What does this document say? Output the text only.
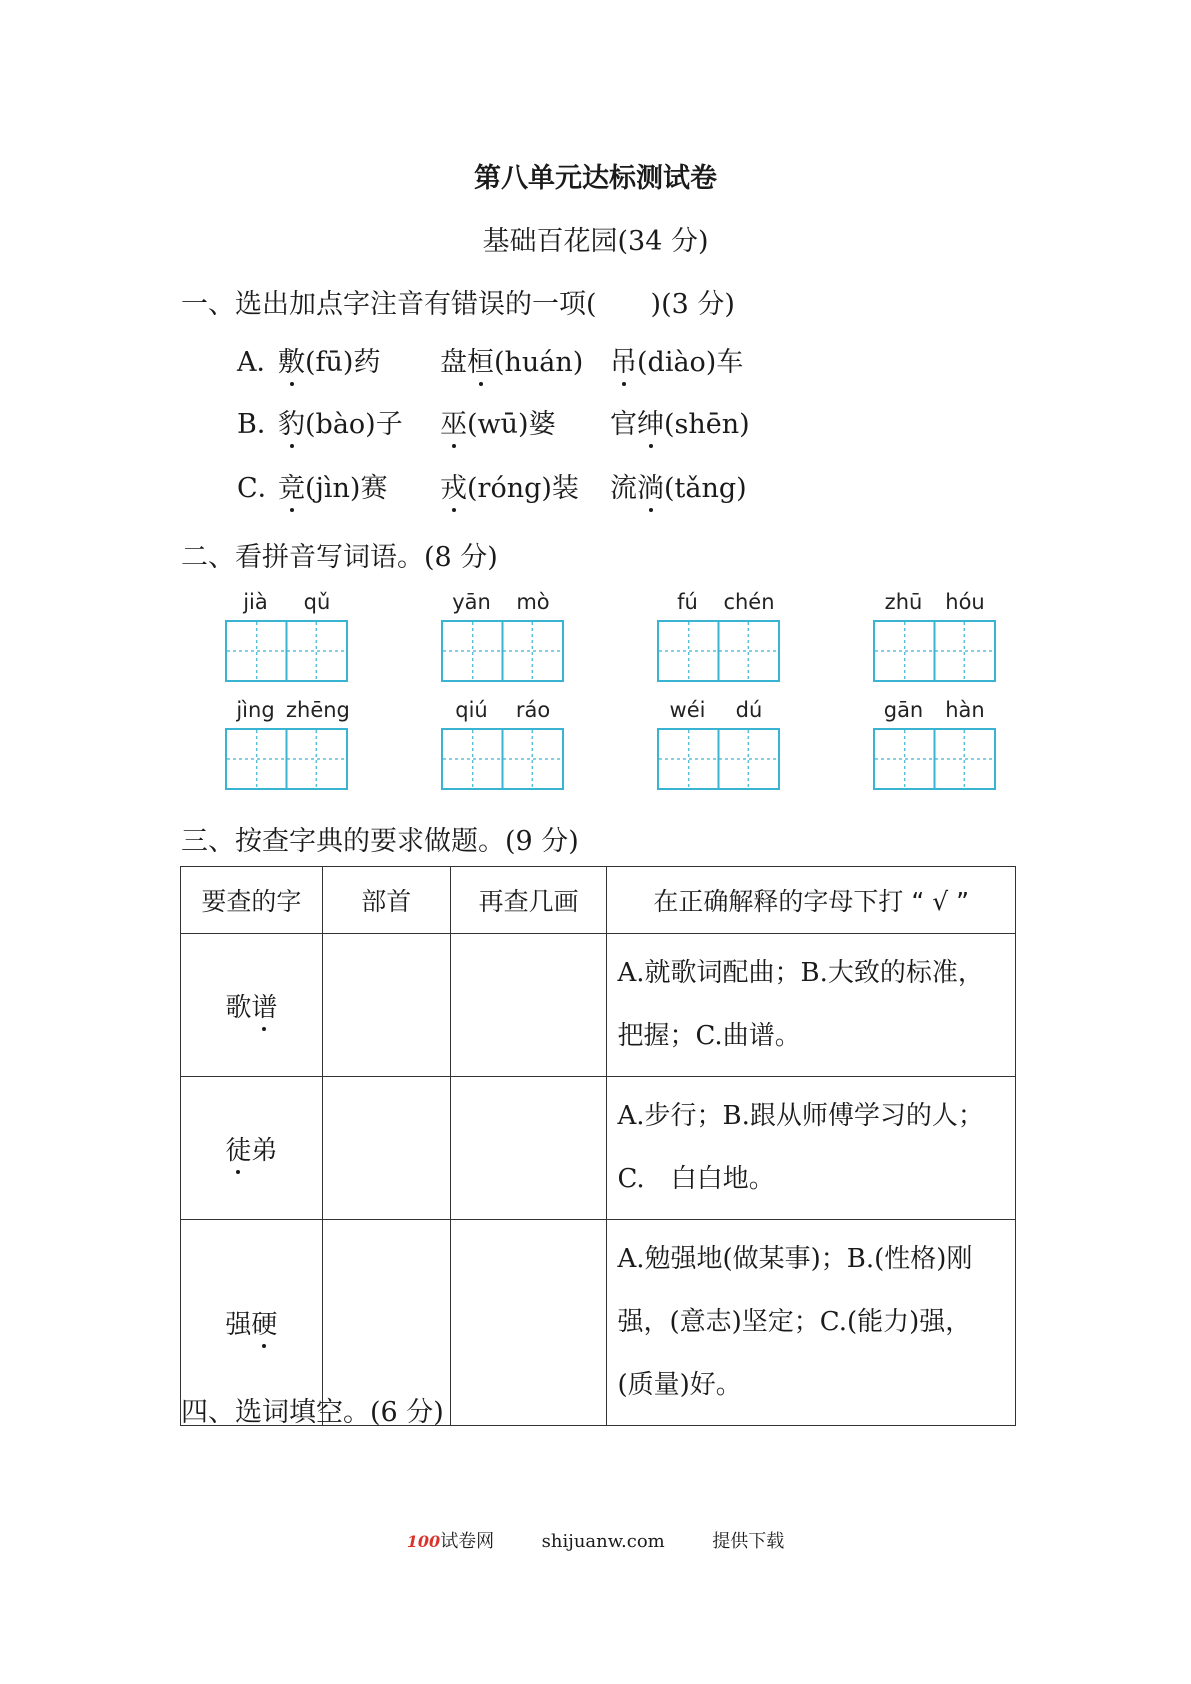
第八单元达标测试卷
基础百花园(34 分)
一、选出加点字注音有错误的一项(　　)(3 分)
A．
敷(fū)药 盘桓(huán) 吊(diào)车
B．
豹(bào)子 巫(wū)婆 官绅(shēn)
C．
竞(jìn)赛 戎(róng)装 流淌(tǎng)
二、看拼音写词语。(8 分)
jià	qǔ	yān	mò	fú	chén	zhū	hóu
jìng zhēng	qiú	ráo	wéi	dú	gān	hàn
三、按查字典的要求做题。(9 分)
要查的字	部首	再查几画	在正确解释的字母下打 “ √ ”
歌谱			A.就歌词配曲；B.大致的标准，把握；C.曲谱。
徒弟			A.步行；B.跟从师傅学习的人；C.　白白地。
强硬			A.勉强地(做某事)；B.(性格)刚强，(意志)坚定；C.(能力)强，(质量)好。
四、选词填空。(6 分)
100试卷网	shijuanw.com	提供下载
